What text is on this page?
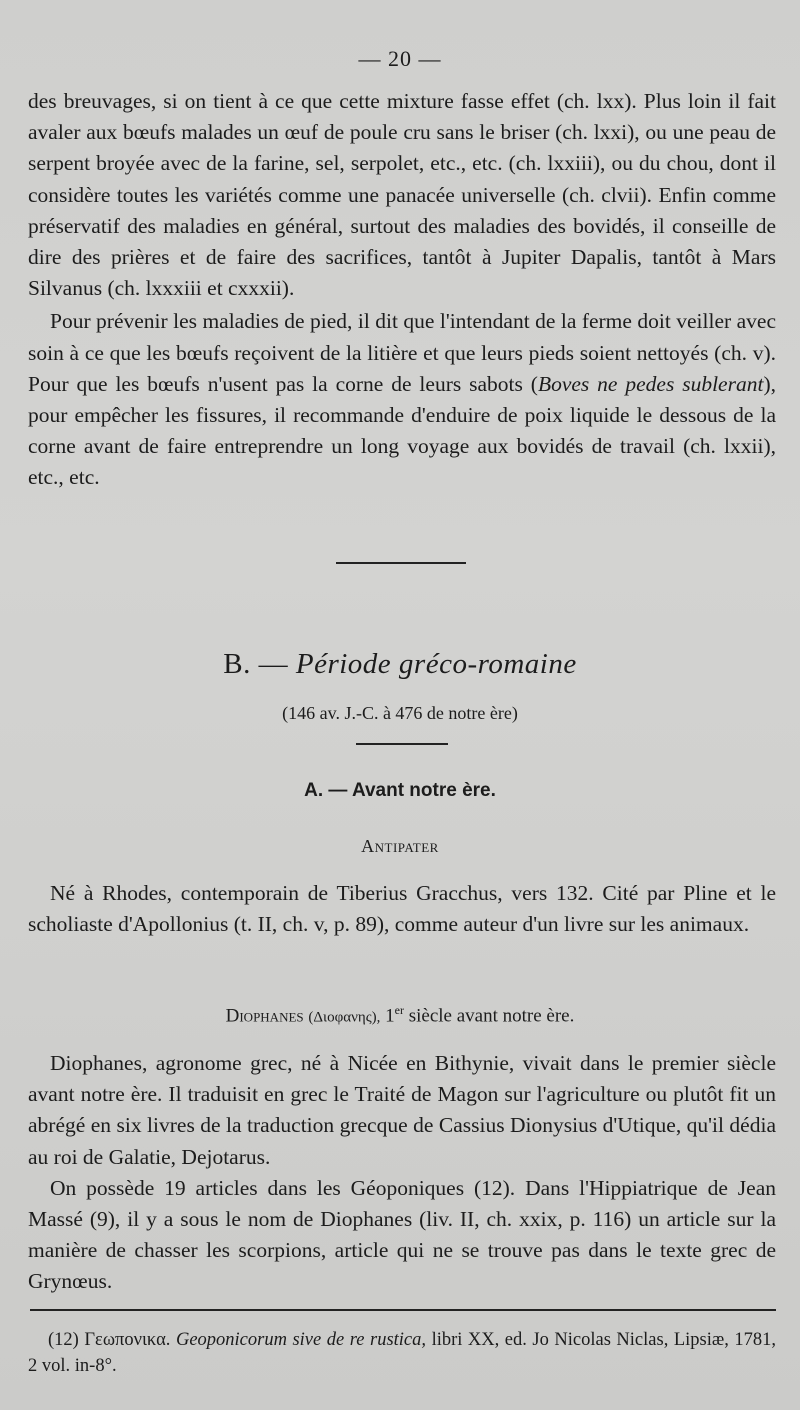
— 20 —

des breuvages, si on tient à ce que cette mixture fasse effet (ch. lxx). Plus loin il fait avaler aux bœufs malades un œuf de poule cru sans le briser (ch. lxxi), ou une peau de serpent broyée avec de la farine, sel, serpolet, etc., etc. (ch. lxxiii), ou du chou, dont il considère toutes les variétés comme une panacée universelle (ch. clvii). Enfin comme préservatif des maladies en général, surtout des maladies des bovidés, il conseille de dire des prières et de faire des sacrifices, tantôt à Jupiter Dapalis, tantôt à Mars Silvanus (ch. lxxxiii et cxxxii).

Pour prévenir les maladies de pied, il dit que l'intendant de la ferme doit veiller avec soin à ce que les bœufs reçoivent de la litière et que leurs pieds soient nettoyés (ch. v). Pour que les bœufs n'usent pas la corne de leurs sabots (Boves ne pedes sublerant), pour empêcher les fissures, il recommande d'enduire de poix liquide le dessous de la corne avant de faire entreprendre un long voyage aux bovidés de travail (ch. lxxii), etc., etc.

B. — Période gréco-romaine
(146 av. J.-C. à 476 de notre ère)
A. — Avant notre ère.
Antipater

Né à Rhodes, contemporain de Tiberius Gracchus, vers 132. Cité par Pline et le scholiaste d'Apollonius (t. II, ch. v, p. 89), comme auteur d'un livre sur les animaux.

Diophanes (Διοφανης), 1er siècle avant notre ère.

Diophanes, agronome grec, né à Nicée en Bithynie, vivait dans le premier siècle avant notre ère. Il traduisit en grec le Traité de Magon sur l'agriculture ou plutôt fit un abrégé en six livres de la traduction grecque de Cassius Dionysius d'Utique, qu'il dédia au roi de Galatie, Dejotarus.

On possède 19 articles dans les Géoponiques (12). Dans l'Hippiatrique de Jean Massé (9), il y a sous le nom de Diophanes (liv. II, ch. xxix, p. 116) un article sur la manière de chasser les scorpions, article qui ne se trouve pas dans le texte grec de Grynœus.

(12) Γεωπονικα. Geoponicorum sive de re rustica, libri XX, ed. Jo Nicolas Niclas, Lipsiæ, 1781, 2 vol. in-8°.
